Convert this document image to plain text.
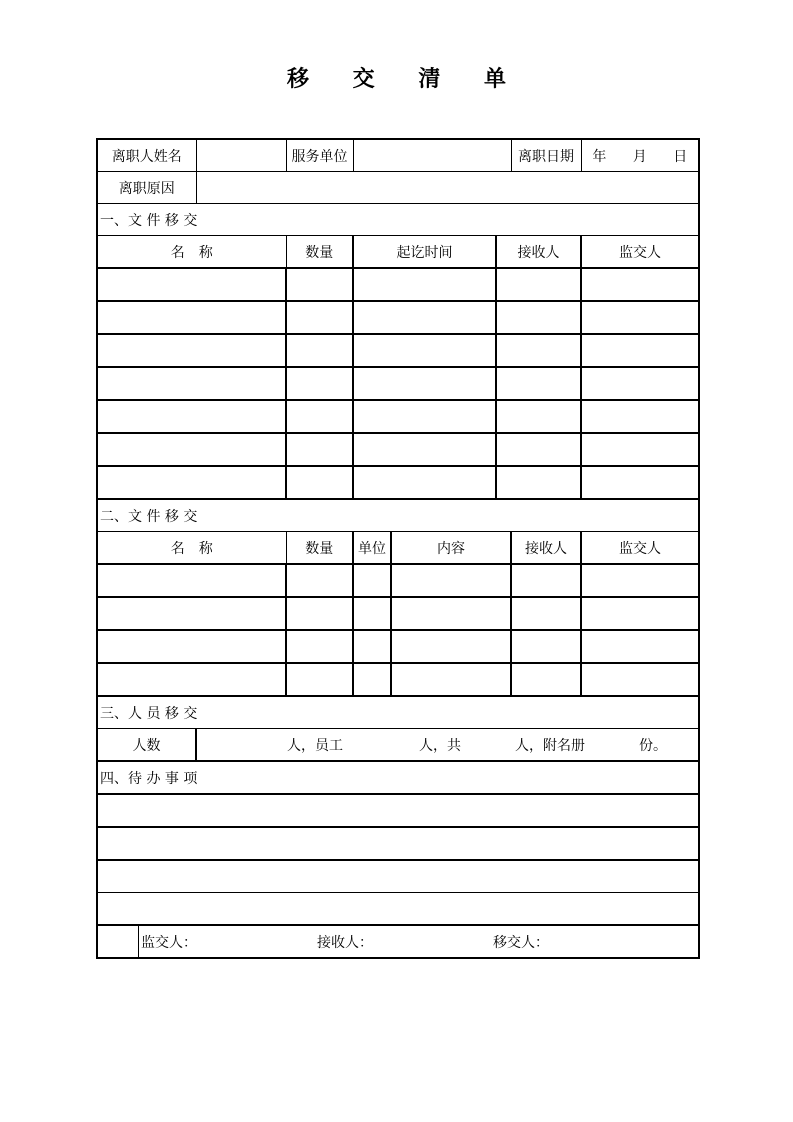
移 交 清 单
离职人姓名		服务单位				离职日期	年 月 日
离职原因							
一、文 件 移 交							
名　称		数量	起讫时间		接收人		监交人

二、文 件 移 交							
名　称		数量	单位	内容		接收人	监交人

三、人 员 移 交							
人数	人，员工 人，共 人，附名册 份。						

四、待 办 事 项							

监交人： 接收人： 移交人：							
